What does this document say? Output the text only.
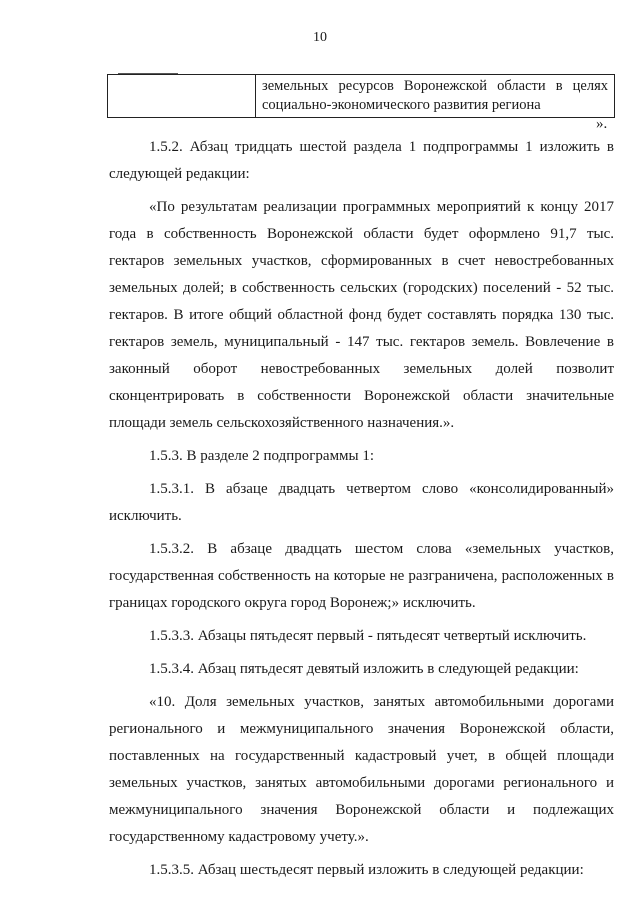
10
	земельных ресурсов Воронежской области в целях

социально-экономического развития региона
».

1.5.2. Абзац тридцать шестой раздела 1 подпрограммы 1 изложить в следующей редакции:

«По результатам реализации программных мероприятий к концу 2017 года в собственность Воронежской области будет оформлено 91,7 тыс. гектаров земельных участков, сформированных в счет невостребованных земельных долей; в собственность сельских (городских) поселений - 52 тыс. гектаров. В итоге общий областной фонд будет составлять порядка 130 тыс. гектаров земель, муниципальный - 147 тыс. гектаров земель. Вовлечение в законный оборот невостребованных земельных долей позволит сконцентрировать в собственности Воронежской области значительные площади земель сельскохозяйственного назначения.».

1.5.3. В разделе 2 подпрограммы 1:

1.5.3.1. В абзаце двадцать четвертом слово «консолидированный» исключить.

1.5.3.2. В абзаце двадцать шестом слова «земельных участков, государственная собственность на которые не разграничена, расположенных в границах городского округа город Воронеж;» исключить.

1.5.3.3. Абзацы пятьдесят первый - пятьдесят четвертый исключить.

1.5.3.4. Абзац пятьдесят девятый изложить в следующей редакции:

«10. Доля земельных участков, занятых автомобильными дорогами регионального и межмуниципального значения Воронежской области, поставленных на государственный кадастровый учет, в общей площади земельных участков, занятых автомобильными дорогами регионального и межмуниципального значения Воронежской области и подлежащих государственному кадастровому учету.».

1.5.3.5. Абзац шестьдесят первый изложить в следующей редакции:
